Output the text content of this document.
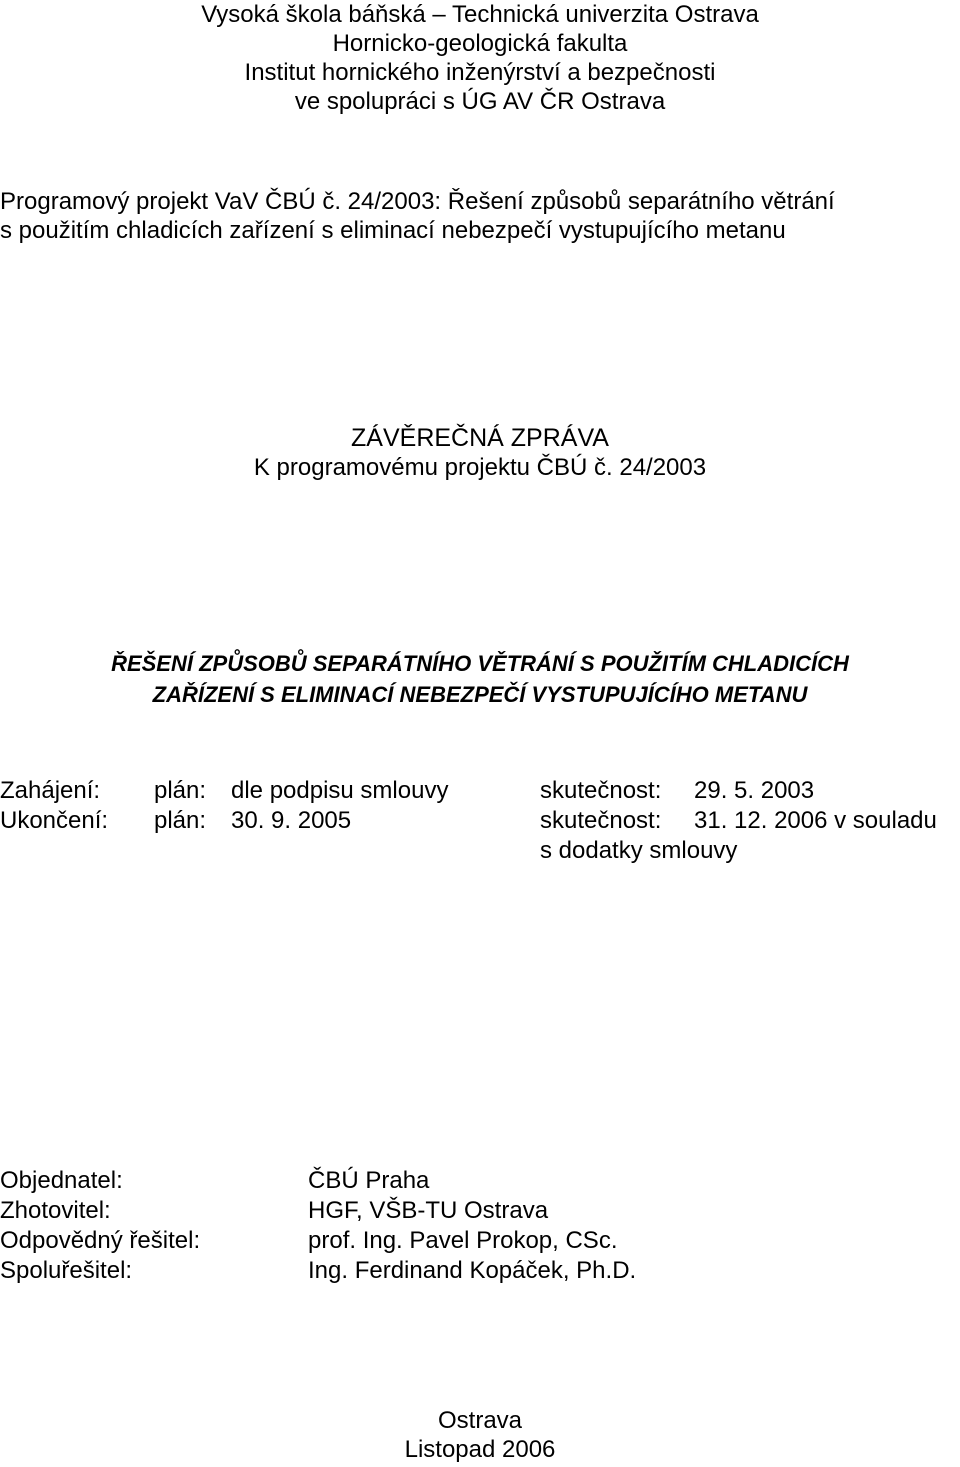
Vysoká škola báňská – Technická univerzita Ostrava
Hornicko-geologická fakulta
Institut hornického inženýrství a bezpečnosti
ve spolupráci s ÚG AV ČR Ostrava
Programový projekt VaV ČBÚ č. 24/2003: Řešení způsobů separátního větrání
s použitím chladicích zařízení s eliminací nebezpečí vystupujícího metanu
ZÁVĚREČNÁ ZPRÁVA
K programovému projektu ČBÚ č. 24/2003
ŘEŠENÍ ZPŮSOBŮ SEPARÁTNÍHO VĚTRÁNÍ S POUŽITÍM CHLADICÍCH
ZAŘÍZENÍ S ELIMINACÍ NEBEZPEČÍ VYSTUPUJÍCÍHO METANU
Zahájení: plán: dle podpisu smlouvy	skutečnost: 29. 5. 2003
Ukončení: plán: 30. 9. 2005	skutečnost: 31. 12. 2006 v souladu
s dodatky smlouvy
Objednatel:	ČBÚ Praha
Zhotovitel:	HGF, VŠB-TU Ostrava
Odpovědný řešitel:	prof. Ing. Pavel Prokop, CSc.
Spoluřešitel:	Ing. Ferdinand Kopáček, Ph.D.
Ostrava
Listopad 2006
